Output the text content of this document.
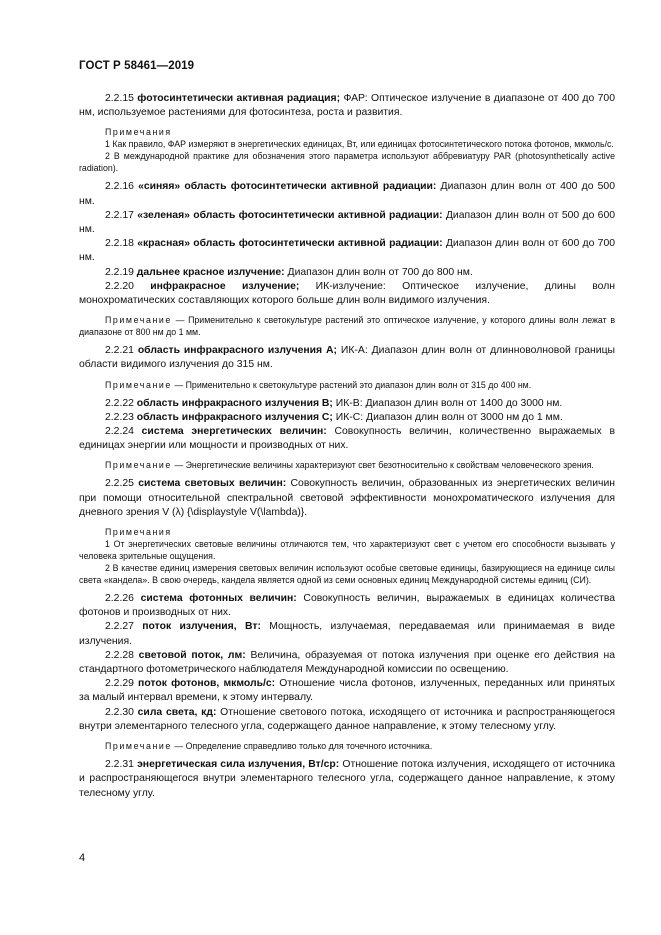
ГОСТ Р 58461—2019

2.2.15 фотосинтетически активная радиация; ФАР: Оптическое излучение в диапазоне от 400 до 700 нм, используемое растениями для фотосинтеза, роста и развития.

Примечания

1 Как правило, ФАР измеряют в энергетических единицах, Вт, или единицах фотосинтетического потока фотонов, мкмоль/с.

2 В международной практике для обозначения этого параметра используют аббревиатуру PAR (photosynthetically active radiation).

2.2.16 «синяя» область фотосинтетически активной радиации: Диапазон длин волн от 400 до 500 нм.

2.2.17 «зеленая» область фотосинтетически активной радиации: Диапазон длин волн от 500 до 600 нм.

2.2.18 «красная» область фотосинтетически активной радиации: Диапазон длин волн от 600 до 700 нм.

2.2.19 дальнее красное излучение: Диапазон длин волн от 700 до 800 нм.

2.2.20 инфракрасное излучение; ИК-излучение: Оптическое излучение, длины волн монохроматических составляющих которого больше длин волн видимого излучения.

Примечание — Применительно к светокультуре растений это оптическое излучение, у которого длины волн лежат в диапазоне от 800 нм до 1 мм.

2.2.21 область инфракрасного излучения А; ИК-А: Диапазон длин волн от длинноволновой границы области видимого излучения до 315 нм.

Примечание — Применительно к светокультуре растений это диапазон длин волн от 315 до 400 нм.

2.2.22 область инфракрасного излучения В; ИК-В: Диапазон длин волн от 1400 до 3000 нм.

2.2.23 область инфракрасного излучения С; ИК-С: Диапазон длин волн от 3000 нм до 1 мм.

2.2.24 система энергетических величин: Совокупность величин, количественно выражаемых в единицах энергии или мощности и производных от них.

Примечание — Энергетические величины характеризуют свет безотносительно к свойствам человеческого зрения.

2.2.25 система световых величин: Совокупность величин, образованных из энергетических величин при помощи относительной спектральной световой эффективности монохроматического излучения для дневного зрения V (λ) {\displaystyle V(\lambda)}.

Примечания

1 От энергетических световые величины отличаются тем, что характеризуют свет с учетом его способности вызывать у человека зрительные ощущения.

2 В качестве единиц измерения световых величин используют особые световые единицы, базирующиеся на единице силы света «кандела». В свою очередь, кандела является одной из семи основных единиц Международной системы единиц (СИ).

2.2.26 система фотонных величин: Совокупность величин, выражаемых в единицах количества фотонов и производных от них.

2.2.27 поток излучения, Вт: Мощность, излучаемая, передаваемая или принимаемая в виде излучения.

2.2.28 световой поток, лм: Величина, образуемая от потока излучения при оценке его действия на стандартного фотометрического наблюдателя Международной комиссии по освещению.

2.2.29 поток фотонов, мкмоль/с: Отношение числа фотонов, излученных, переданных или принятых за малый интервал времени, к этому интервалу.

2.2.30 сила света, кд: Отношение светового потока, исходящего от источника и распространяющегося внутри элементарного телесного угла, содержащего данное направление, к этому телесному углу.

Примечание — Определение справедливо только для точечного источника.

2.2.31 энергетическая сила излучения, Вт/ср: Отношение потока излучения, исходящего от источника и распространяющегося внутри элементарного телесного угла, содержащего данное направление, к этому телесному углу.

4
